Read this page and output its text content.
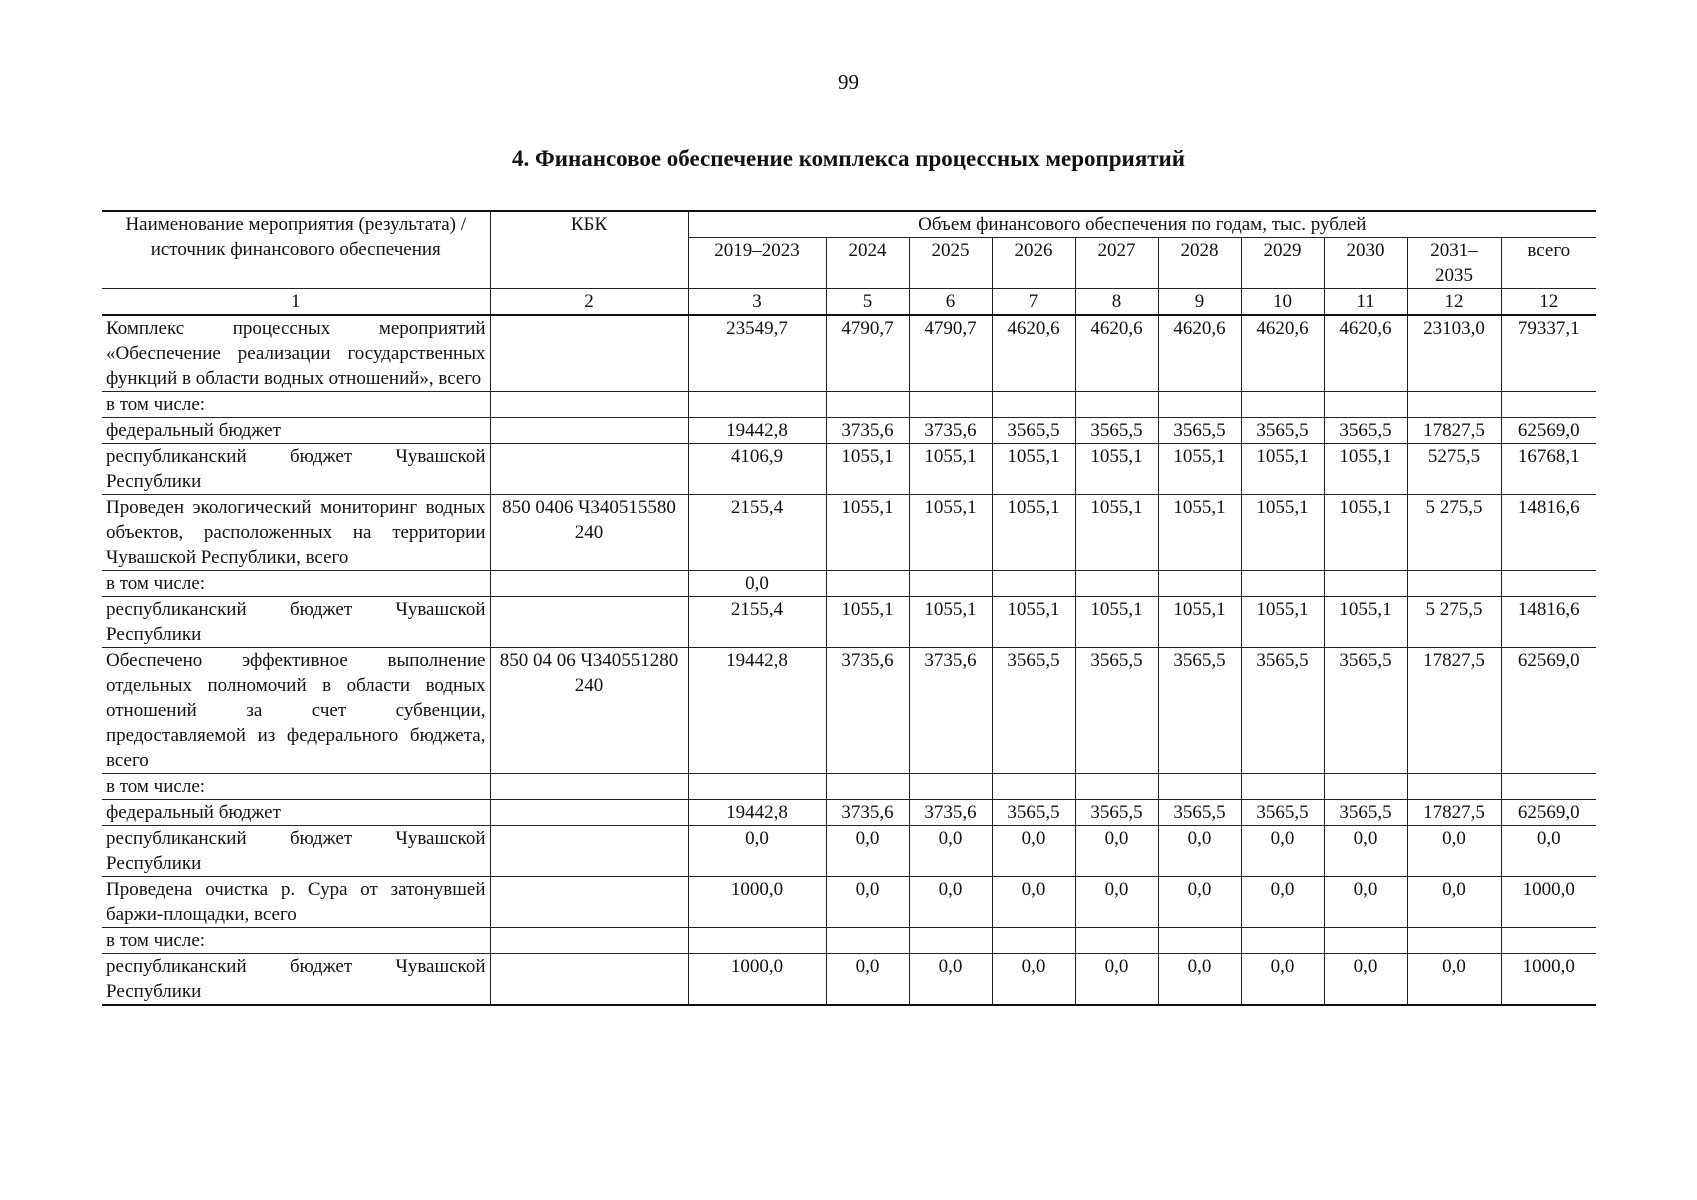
99
4. Финансовое обеспечение комплекса процессных мероприятий
Наименование мероприятия (результата) /источник финансового обеспечения	КБК	Объем финансового обеспечения по годам, тыс. рублей									
		2019–2023	2024	2025	2026	2027	2028	2029	2030	2031–2035	всего
1	2	3	5	6	7	8	9	10	11	12	12
Комплекс процессных мероприятий «Обеспечение реализации государственных функций в области водных отношений», всего		23549,7	4790,7	4790,7	4620,6	4620,6	4620,6	4620,6	4620,6	23103,0	79337,1
в том числе:											
федеральный бюджет		19442,8	3735,6	3735,6	3565,5	3565,5	3565,5	3565,5	3565,5	17827,5	62569,0
республиканский бюджет Чувашской Республики		4106,9	1055,1	1055,1	1055,1	1055,1	1055,1	1055,1	1055,1	5275,5	16768,1
Проведен экологический мониторинг водных объектов, расположенных на территории Чувашской Республики, всего	850 0406 Ч340515580 240	2155,4	1055,1	1055,1	1055,1	1055,1	1055,1	1055,1	1055,1	5 275,5	14816,6
в том числе:		0,0									
республиканский бюджет Чувашской Республики		2155,4	1055,1	1055,1	1055,1	1055,1	1055,1	1055,1	1055,1	5 275,5	14816,6
Обеспечено эффективное выполнение отдельных полномочий в области водных отношений за счет субвенции, предоставляемой из федерального бюджета, всего	850 04 06 Ч340551280 240	19442,8	3735,6	3735,6	3565,5	3565,5	3565,5	3565,5	3565,5	17827,5	62569,0
в том числе:											
федеральный бюджет		19442,8	3735,6	3735,6	3565,5	3565,5	3565,5	3565,5	3565,5	17827,5	62569,0
республиканский бюджет Чувашской Республики		0,0	0,0	0,0	0,0	0,0	0,0	0,0	0,0	0,0	0,0
Проведена очистка р. Сура от затонувшей баржи-площадки, всего		1000,0	0,0	0,0	0,0	0,0	0,0	0,0	0,0	0,0	1000,0
в том числе:											
республиканский бюджет Чувашской Республики		1000,0	0,0	0,0	0,0	0,0	0,0	0,0	0,0	0,0	1000,0
